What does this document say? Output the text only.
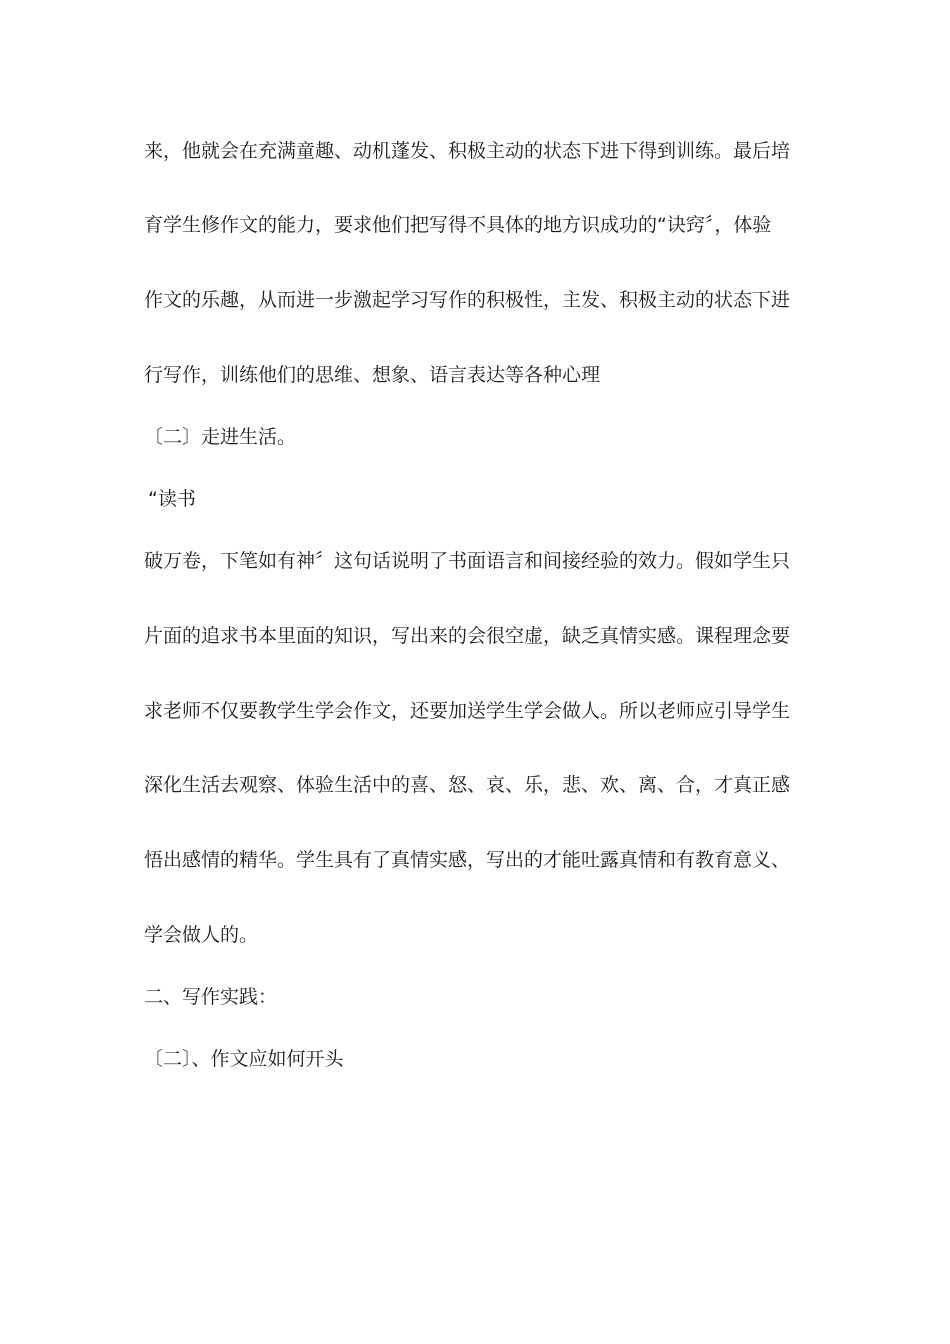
来，他就会在充满童趣、动机蓬发、积极主动的状态下进下得到训练。最后培
育学生修作文的能力，要求他们把写得不具体的地方识成功的“诀窍〞，体验
作文的乐趣，从而进一步激起学习写作的积极性，主发、积极主动的状态下进
行写作，训练他们的思维、想象、语言表达等各种心理
〔二〕走进生活。
“读书
破万卷，下笔如有神〞这句话说明了书面语言和间接经验的效力。假如学生只
片面的追求书本里面的知识，写出来的会很空虚，缺乏真情实感。课程理念要
求老师不仅要教学生学会作文，还要加送学生学会做人。所以老师应引导学生
深化生活去观察、体验生活中的喜、怒、哀、乐，悲、欢、离、合，才真正感
悟出感情的精华。学生具有了真情实感，写出的才能吐露真情和有教育意义、
学会做人的。
二、写作实践：
〔二〕、作文应如何开头
